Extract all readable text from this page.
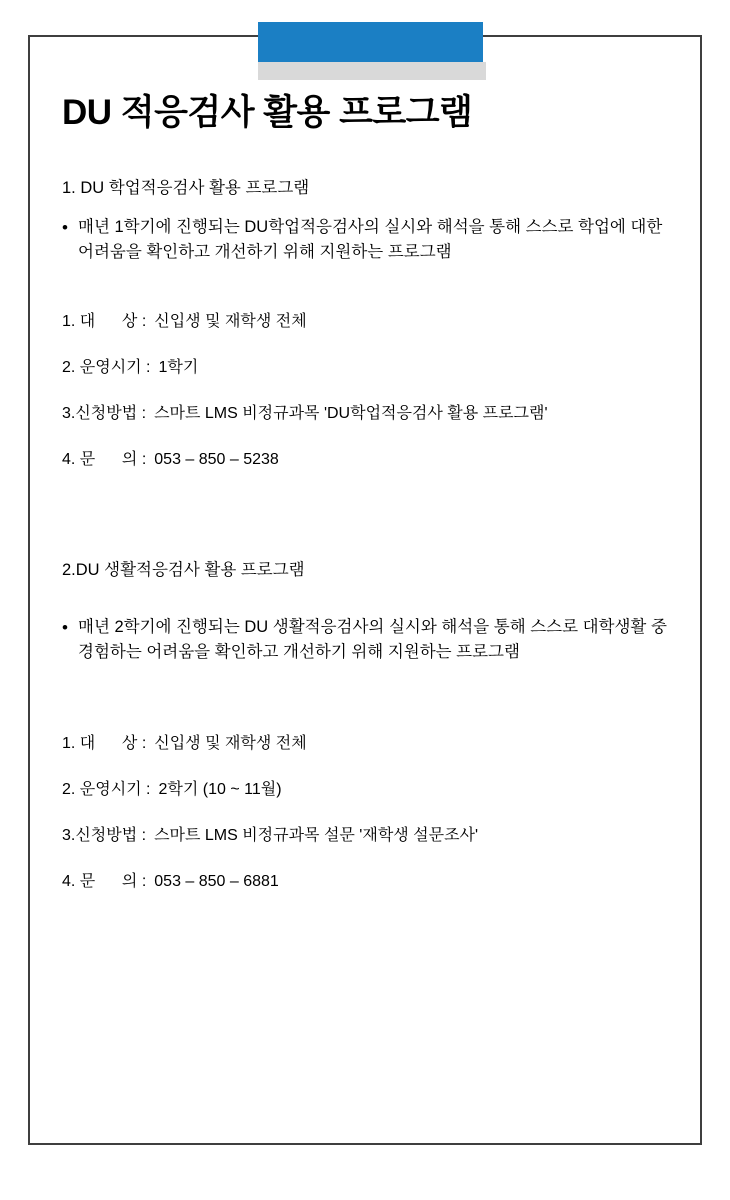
DU 적응검사 활용 프로그램

1. DU 학업적응검사 활용 프로그램

• 매년 1학기에 진행되는 DU학업적응검사의 실시와 해석을 통해 스스로 학업에 대한 어려움을 확인하고 개선하기 위해 지원하는 프로그램
1. 대      상 : 신입생 및 재학생 전체
2. 운영시기 : 1학기
3.신청방법 : 스마트 LMS 비정규과목 'DU학업적응검사 활용 프로그램'
4. 문      의 : 053 – 850 – 5238

2.DU 생활적응검사 활용 프로그램

• 매년 2학기에 진행되는 DU 생활적응검사의 실시와 해석을 통해 스스로 대학생활 중 경험하는 어려움을 확인하고 개선하기 위해 지원하는 프로그램
1. 대      상 : 신입생 및 재학생 전체
2. 운영시기 : 2학기 (10 ~ 11월)
3.신청방법 : 스마트 LMS 비정규과목 설문 '재학생 설문조사'
4. 문      의 : 053 – 850 – 6881
